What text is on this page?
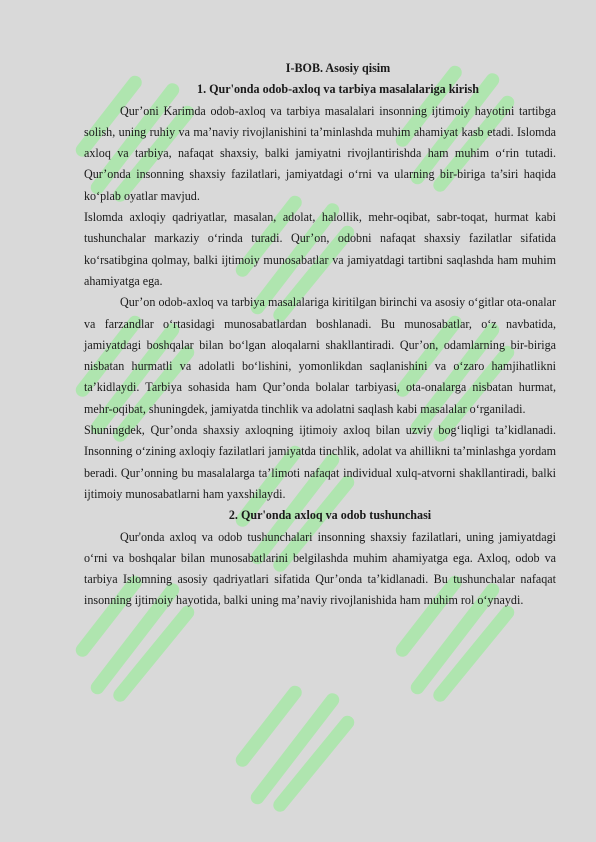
I-BOB. Asosiy qisim
1. Qur'onda odob-axloq va tarbiya masalalariga kirish

Qur’oni Karimda odob-axloq va tarbiya masalalari insonning ijtimoiy hayotini tartibga solish, uning ruhiy va ma’naviy rivojlanishini ta’minlashda muhim ahamiyat kasb etadi. Islomda axloq va tarbiya, nafaqat shaxsiy, balki jamiyatni rivojlantirishda ham muhim o‘rin tutadi. Qur’onda insonning shaxsiy fazilatlari, jamiyatdagi o‘rni va ularning bir-biriga ta’siri haqida ko‘plab oyatlar mavjud.

Islomda axloqiy qadriyatlar, masalan, adolat, halollik, mehr-oqibat, sabr-toqat, hurmat kabi tushunchalar markaziy o‘rinda turadi. Qur’on, odobni nafaqat shaxsiy fazilatlar sifatida ko‘rsatibgina qolmay, balki ijtimoiy munosabatlar va jamiyatdagi tartibni saqlashda ham muhim ahamiyatga ega.

Qur’on odob-axloq va tarbiya masalalariga kiritilgan birinchi va asosiy o‘gitlar ota-onalar va farzandlar o‘rtasidagi munosabatlardan boshlanadi. Bu munosabatlar, o‘z navbatida, jamiyatdagi boshqalar bilan bo‘lgan aloqalarni shakllantiradi. Qur’on, odamlarning bir-biriga nisbatan hurmatli va adolatli bo‘lishini, yomonlikdan saqlanishini va o‘zaro hamjihatlikni ta’kidlaydi. Tarbiya sohasida ham Qur’onda bolalar tarbiyasi, ota-onalarga nisbatan hurmat, mehr-oqibat, shuningdek, jamiyatda tinchlik va adolatni saqlash kabi masalalar o‘rganiladi.

Shuningdek, Qur’onda shaxsiy axloqning ijtimoiy axloq bilan uzviy bog‘liqligi ta’kidlanadi. Insonning o‘zining axloqiy fazilatlari jamiyatda tinchlik, adolat va ahillikni ta’minlashga yordam beradi. Qur’onning bu masalalarga ta’limoti nafaqat individual xulq-atvorni shakllantiradi, balki ijtimoiy munosabatlarni ham yaxshilaydi.

2. Qur'onda axloq va odob tushunchasi

Qur'onda axloq va odob tushunchalari insonning shaxsiy fazilatlari, uning jamiyatdagi o‘rni va boshqalar bilan munosabatlarini belgilashda muhim ahamiyatga ega. Axloq, odob va tarbiya Islomning asosiy qadriyatlari sifatida Qur’onda ta’kidlanadi. Bu tushunchalar nafaqat insonning ijtimoiy hayotida, balki uning ma’naviy rivojlanishida ham muhim rol o‘ynaydi.
